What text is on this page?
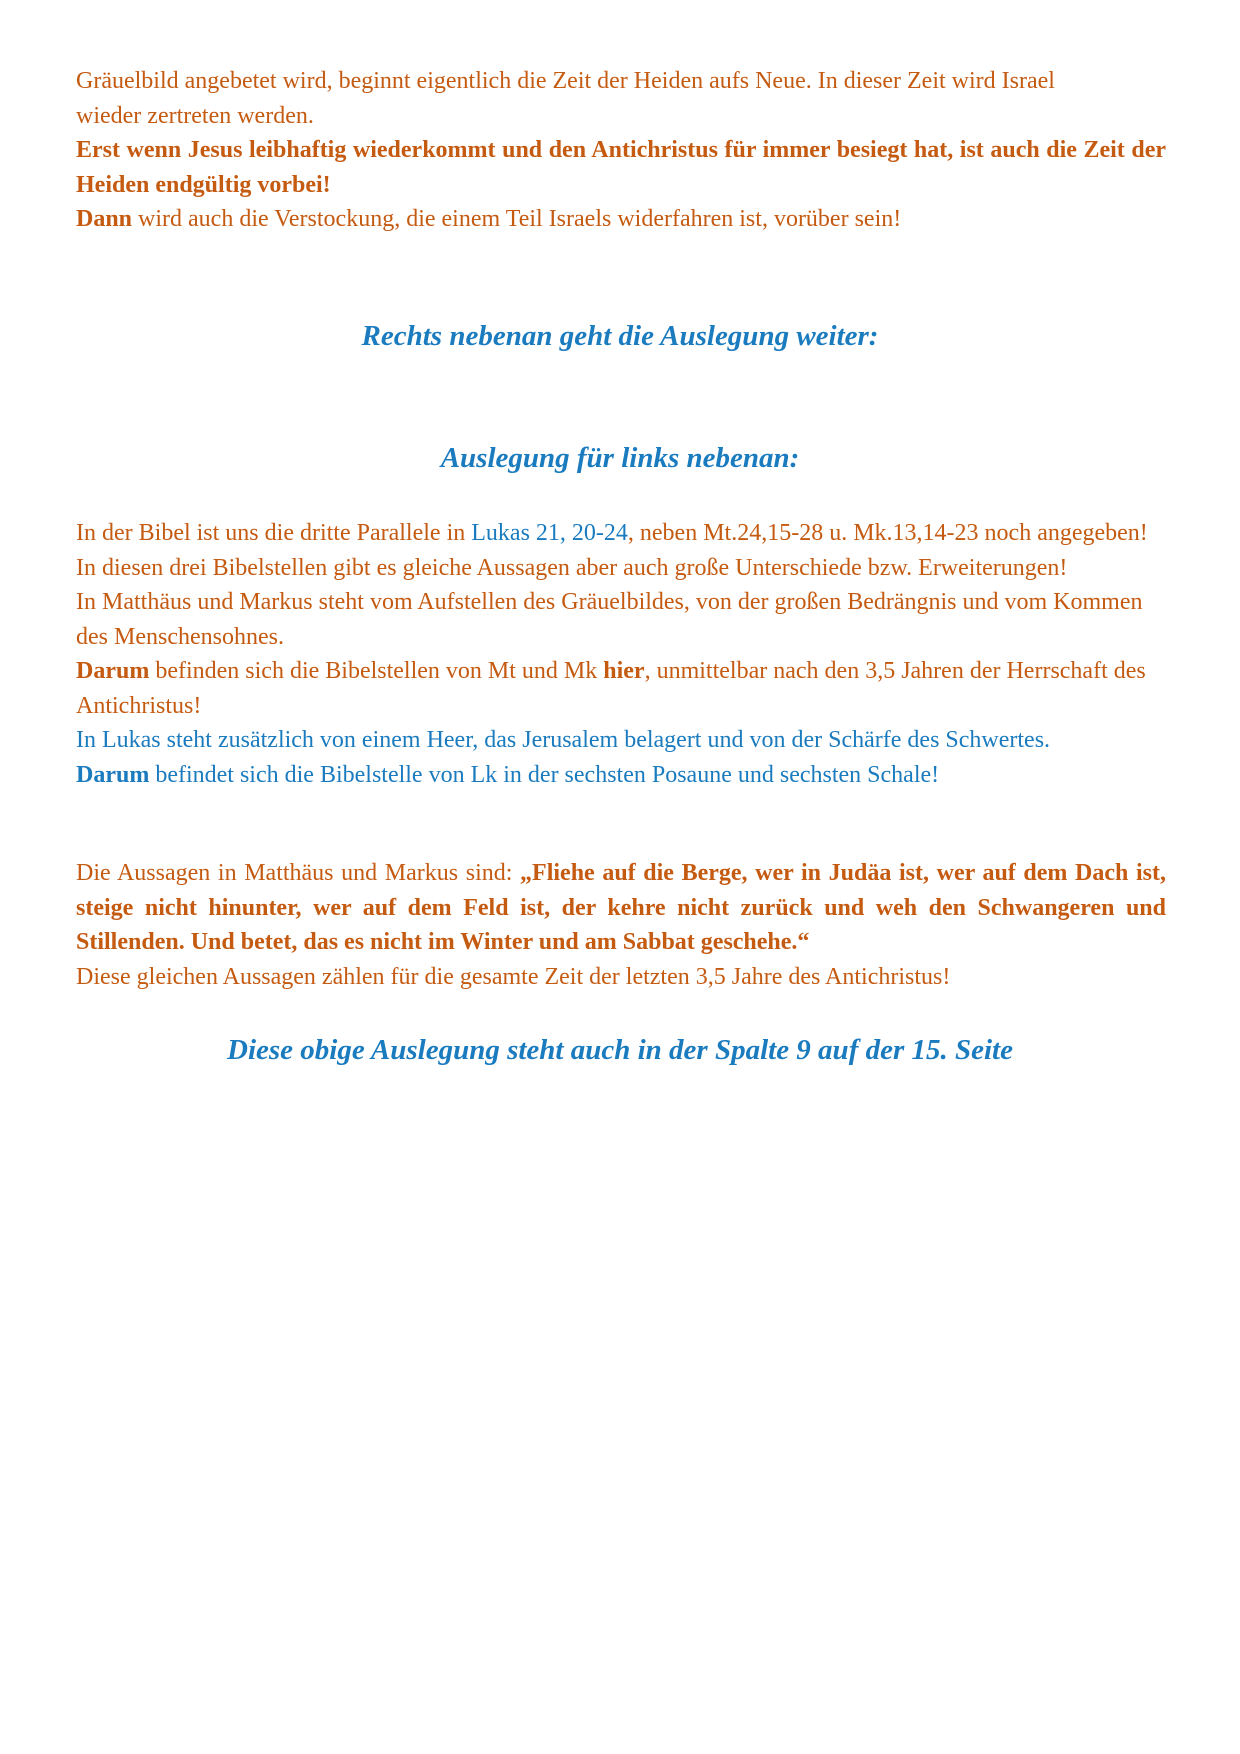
Gräuelbild angebetet wird, beginnt eigentlich die Zeit der Heiden aufs Neue. In dieser Zeit wird Israel
wieder zertreten werden.
Erst wenn Jesus leibhaftig wiederkommt und den Antichristus für immer besiegt hat, ist auch die Zeit der Heiden endgültig vorbei!
Dann wird auch die Verstockung, die einem Teil Israels widerfahren ist, vorüber sein!
Rechts nebenan geht die Auslegung weiter:
Auslegung für links nebenan:
In der Bibel ist uns die dritte Parallele in Lukas 21, 20-24, neben Mt.24,15-28 u. Mk.13,14-23 noch angegeben! In diesen drei Bibelstellen gibt es gleiche Aussagen aber auch große Unterschiede bzw. Erweiterungen!
In Matthäus und Markus steht vom Aufstellen des Gräuelbildes, von der großen Bedrängnis und vom Kommen des Menschensohnes.
Darum befinden sich die Bibelstellen von Mt und Mk hier, unmittelbar nach den 3,5 Jahren der Herrschaft des Antichristus!
In Lukas steht zusätzlich von einem Heer, das Jerusalem belagert und von der Schärfe des Schwertes.
Darum befindet sich die Bibelstelle von Lk in der sechsten Posaune und sechsten Schale!
Die Aussagen in Matthäus und Markus sind: „Fliehe auf die Berge, wer in Judäa ist, wer auf dem Dach ist, steige nicht hinunter, wer auf dem Feld ist, der kehre nicht zurück und weh den Schwangeren und Stillenden. Und betet, das es nicht im Winter und am Sabbat geschehe.“
Diese gleichen Aussagen zählen für die gesamte Zeit der letzten 3,5 Jahre des Antichristus!
Diese obige Auslegung steht auch in der Spalte 9 auf der 15. Seite
